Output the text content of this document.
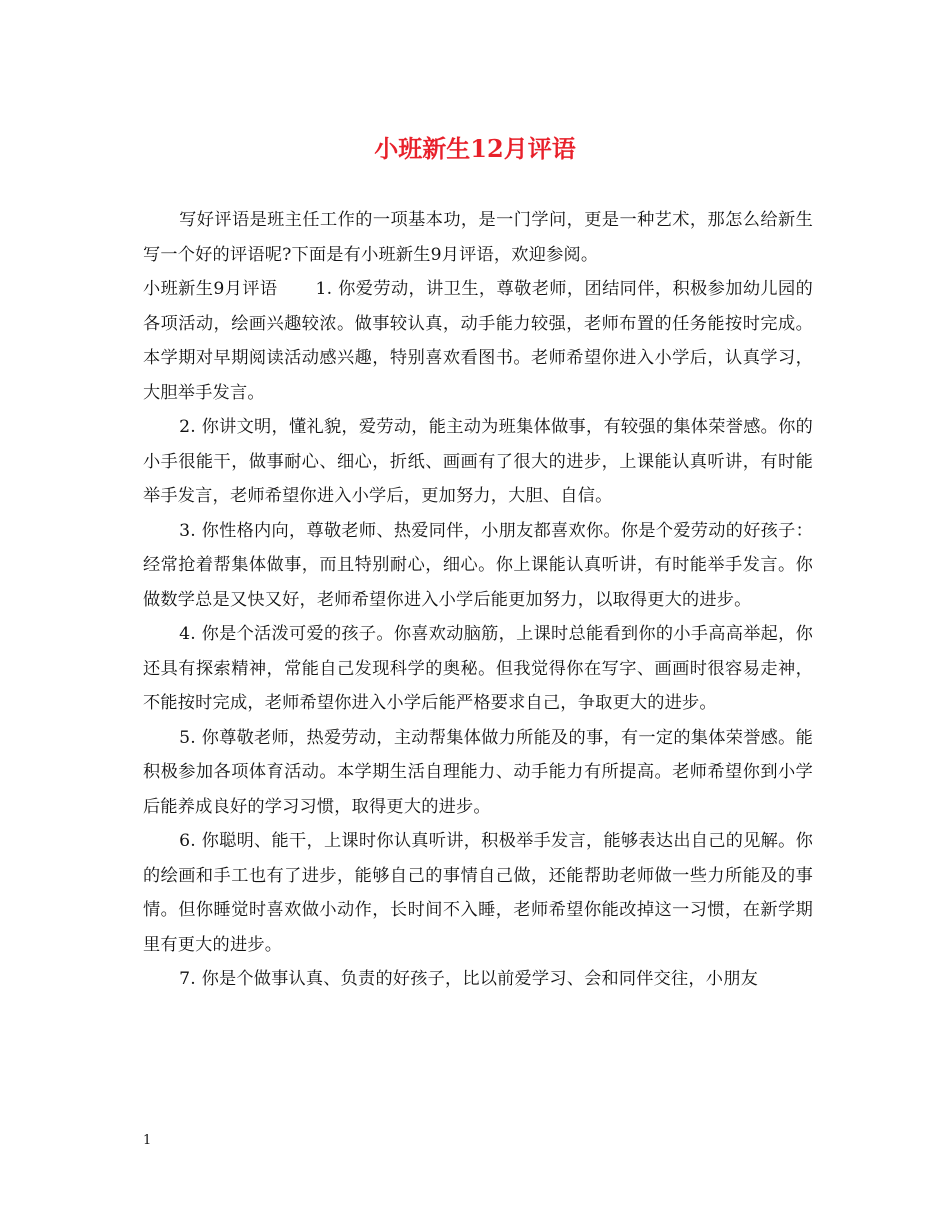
小班新生12月评语

写好评语是班主任工作的一项基本功，是一门学问，更是一种艺术，那怎么给新生写一个好的评语呢?下面是有小班新生9月评语，欢迎参阅。

小班新生9月评语 1. 你爱劳动，讲卫生，尊敬老师，团结同伴，积极参加幼儿园的各项活动，绘画兴趣较浓。做事较认真，动手能力较强，老师布置的任务能按时完成。本学期对早期阅读活动感兴趣，特别喜欢看图书。老师希望你进入小学后，认真学习，大胆举手发言。

2. 你讲文明，懂礼貌，爱劳动，能主动为班集体做事，有较强的集体荣誉感。你的小手很能干，做事耐心、细心，折纸、画画有了很大的进步，上课能认真听讲，有时能举手发言，老师希望你进入小学后，更加努力，大胆、自信。

3. 你性格内向，尊敬老师、热爱同伴，小朋友都喜欢你。你是个爱劳动的好孩子：经常抢着帮集体做事，而且特别耐心，细心。你上课能认真听讲，有时能举手发言。你做数学总是又快又好，老师希望你进入小学后能更加努力，以取得更大的进步。

4. 你是个活泼可爱的孩子。你喜欢动脑筋，上课时总能看到你的小手高高举起，你还具有探索精神，常能自己发现科学的奥秘。但我觉得你在写字、画画时很容易走神，不能按时完成，老师希望你进入小学后能严格要求自己，争取更大的进步。

5. 你尊敬老师，热爱劳动，主动帮集体做力所能及的事，有一定的集体荣誉感。能积极参加各项体育活动。本学期生活自理能力、动手能力有所提高。老师希望你到小学后能养成良好的学习习惯，取得更大的进步。

6. 你聪明、能干，上课时你认真听讲，积极举手发言，能够表达出自己的见解。你的绘画和手工也有了进步，能够自己的事情自己做，还能帮助老师做一些力所能及的事情。但你睡觉时喜欢做小动作，长时间不入睡，老师希望你能改掉这一习惯，在新学期里有更大的进步。

7. 你是个做事认真、负责的好孩子，比以前爱学习、会和同伴交往，小朋友

1
